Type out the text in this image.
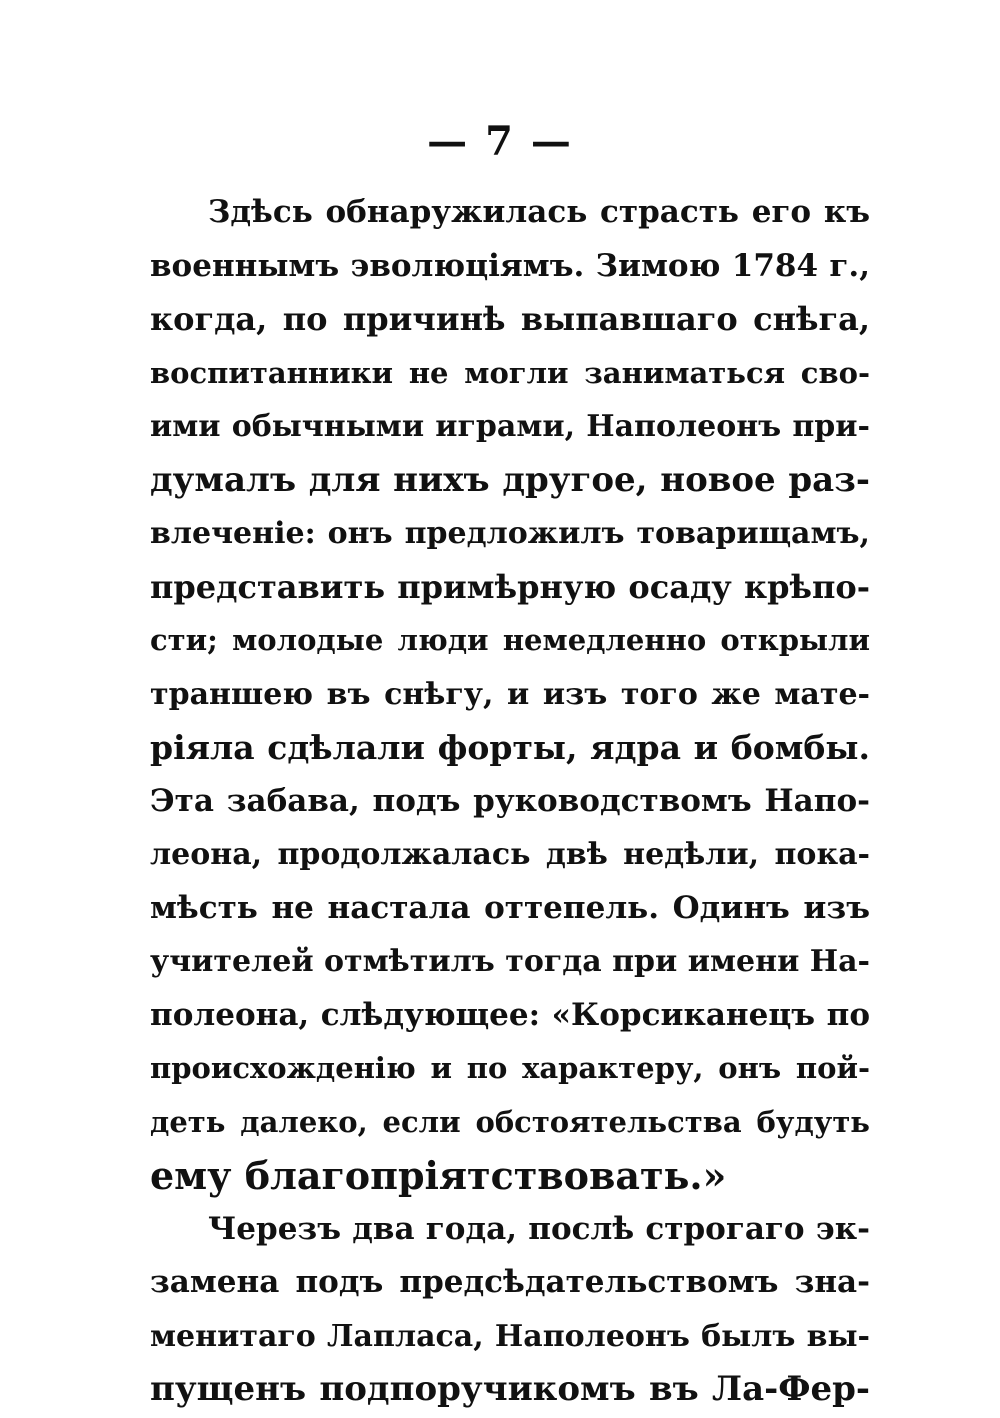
— 7 —
Здѣсь обнаружилась страсть его къ
военнымъ эволюціямъ. Зимою 1784 г.,
когда, по причинѣ выпавшаго снѣга,
воспитанники не могли заниматься сво-
ими обычными играми, Наполеонъ при-
думалъ для нихъ другое, новое раз-
влеченіе: онъ предложилъ товарищамъ,
представить примѣрную осаду крѣпо-
сти; молодые люди немедленно открыли
траншею въ снѣгу, и изъ того же мате-
ріяла сдѣлали форты, ядра и бомбы.
Эта забава, подъ руководствомъ Напо-
леона, продолжалась двѣ недѣли, пока-
мѣсть не настала оттепель. Одинъ изъ
учителей отмѣтилъ тогда при имени На-
полеона, слѣдующее: «Корсиканецъ по
происхожденію и по характеру, онъ пой-
деть далеко, если обстоятельства будуть
ему благопріятствовать.»
Черезъ два года, послѣ строгаго эк-
замена подъ предсѣдательствомъ зна-
менитаго Лапласа, Наполеонъ былъ вы-
пущенъ подпоручикомъ въ Ла-Фер-
